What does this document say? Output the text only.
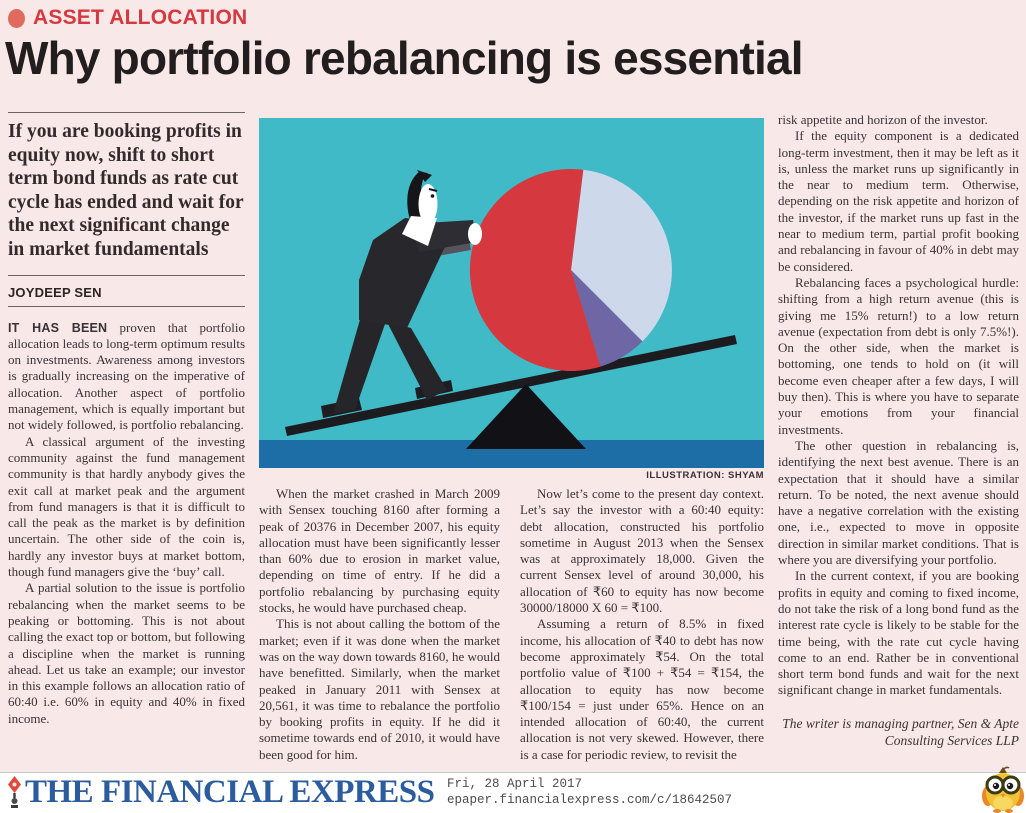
ASSET ALLOCATION
Why portfolio rebalancing is essential
If you are booking profits in equity now, shift to short term bond funds as rate cut cycle has ended and wait for the next significant change in market fundamentals
JOYDEEP SEN

IT HAS BEEN proven that portfolio allocation leads to long-term optimum results on investments. Awareness among investors is gradually increasing on the imperative of allocation. Another aspect of portfolio management, which is equally important but not widely followed, is portfolio rebalancing.

A classical argument of the investing community against the fund management community is that hardly anybody gives the exit call at market peak and the argument from fund managers is that it is difficult to call the peak as the market is by definition uncertain. The other side of the coin is, hardly any investor buys at market bottom, though fund managers give the ‘buy’ call.

A partial solution to the issue is portfolio rebalancing when the market seems to be peaking or bottoming. This is not about calling the exact top or bottom, but following a discipline when the market is running ahead. Let us take an example; our investor in this example follows an allocation ratio of 60:40 i.e. 60% in equity and 40% in fixed income.

ILLUSTRATION: SHYAM

When the market crashed in March 2009 with Sensex touching 8160 after forming a peak of 20376 in December 2007, his equity allocation must have been significantly lesser than 60% due to erosion in market value, depending on time of entry. If he did a portfolio rebalancing by purchasing equity stocks, he would have purchased cheap.

This is not about calling the bottom of the market; even if it was done when the market was on the way down towards 8160, he would have benefitted. Similarly, when the market peaked in January 2011 with Sensex at 20,561, it was time to rebalance the portfolio by booking profits in equity. If he did it sometime towards end of 2010, it would have been good for him.

Now let’s come to the present day context. Let’s say the investor with a 60:40 equity: debt allocation, constructed his portfolio sometime in August 2013 when the Sensex was at approximately 18,000. Given the current Sensex level of around 30,000, his allocation of ₹60 to equity has now become 30000/18000 X 60 = ₹100.

Assuming a return of 8.5% in fixed income, his allocation of ₹40 to debt has now become approximately ₹54. On the total portfolio value of ₹100 + ₹54 = ₹154, the allocation to equity has now become ₹100/154 = just under 65%. Hence on an intended allocation of 60:40, the current allocation is not very skewed. However, there is a case for periodic review, to revisit the

risk appetite and horizon of the investor.

If the equity component is a dedicated long-term investment, then it may be left as it is, unless the market runs up significantly in the near to medium term. Otherwise, depending on the risk appetite and horizon of the investor, if the market runs up fast in the near to medium term, partial profit booking and rebalancing in favour of 40% in debt may be considered.

Rebalancing faces a psychological hurdle: shifting from a high return avenue (this is giving me 15% return!) to a low return avenue (expectation from debt is only 7.5%!). On the other side, when the market is bottoming, one tends to hold on (it will become even cheaper after a few days, I will buy then). This is where you have to separate your emotions from your financial investments.

The other question in rebalancing is, identifying the next best avenue. There is an expectation that it should have a similar return. To be noted, the next avenue should have a negative correlation with the existing one, i.e., expected to move in opposite direction in similar market conditions. That is where you are diversifying your portfolio.

In the current context, if you are booking profits in equity and coming to fixed income, do not take the risk of a long bond fund as the interest rate cycle is likely to be stable for the time being, with the rate cut cycle having come to an end. Rather be in conventional short term bond funds and wait for the next significant change in market fundamentals.

The writer is managing partner, Sen & Apte Consulting Services LLP
THE FINANCIAL EXPRESS Fri, 28 April 2017
epaper.financialexpress.com/c/18642507
